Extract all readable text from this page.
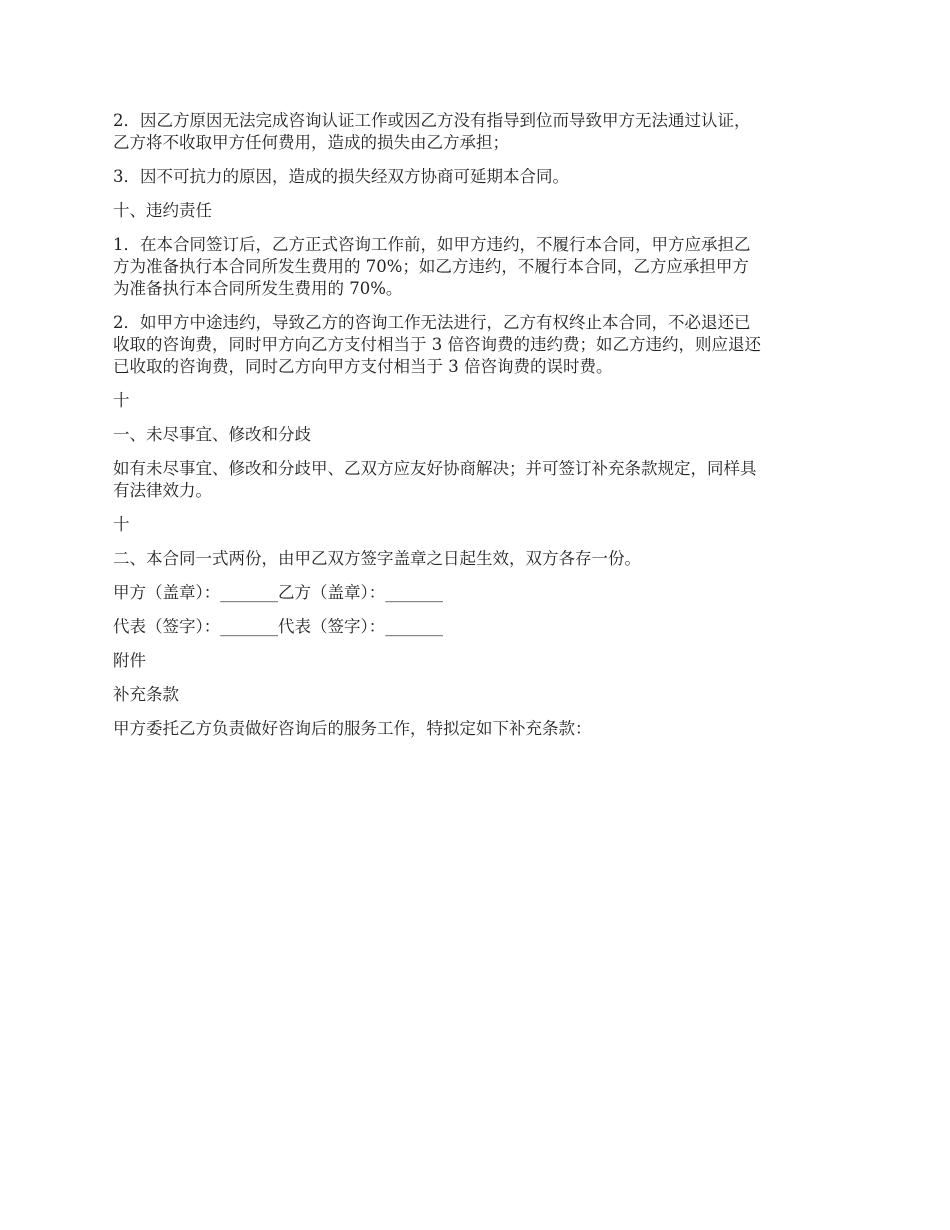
2．因乙方原因无法完成咨询认证工作或因乙方没有指导到位而导致甲方无法通过认证，
乙方将不收取甲方任何费用，造成的损失由乙方承担；

3．因不可抗力的原因，造成的损失经双方协商可延期本合同。

十、违约责任

1．在本合同签订后，乙方正式咨询工作前，如甲方违约，不履行本合同，甲方应承担乙
方为准备执行本合同所发生费用的 70%；如乙方违约，不履行本合同，乙方应承担甲方
为准备执行本合同所发生费用的 70%。

2．如甲方中途违约，导致乙方的咨询工作无法进行，乙方有权终止本合同，不必退还已
收取的咨询费，同时甲方向乙方支付相当于 3 倍咨询费的违约费；如乙方违约，则应退还
已收取的咨询费，同时乙方向甲方支付相当于 3 倍咨询费的误时费。

十

一、未尽事宜、修改和分歧

如有未尽事宜、修改和分歧甲、乙双方应友好协商解决；并可签订补充条款规定，同样具
有法律效力。

十

二、本合同一式两份，由甲乙双方签字盖章之日起生效，双方各存一份。

甲方（盖章）：_______乙方（盖章）：_______

代表（签字）：_______代表（签字）：_______

附件

补充条款

甲方委托乙方负责做好咨询后的服务工作，特拟定如下补充条款：
